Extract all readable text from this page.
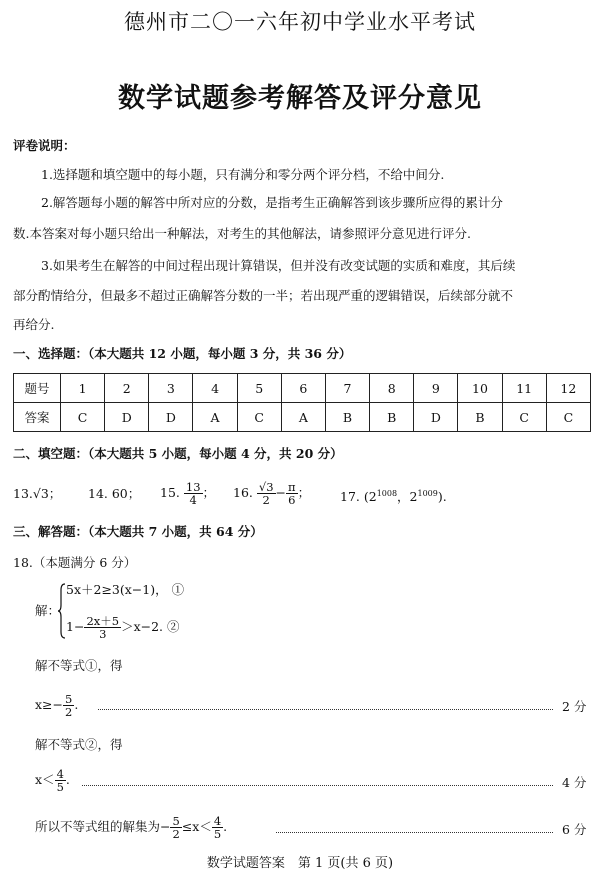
德州市二〇一六年初中学业水平考试
数学试题参考解答及评分意见
评卷说明：
1.选择题和填空题中的每小题，只有满分和零分两个评分档，不给中间分.
2.解答题每小题的解答中所对应的分数，是指考生正确解答到该步骤所应得的累计分
数.本答案对每小题只给出一种解法，对考生的其他解法，请参照评分意见进行评分.
3.如果考生在解答的中间过程出现计算错误，但并没有改变试题的实质和难度，其后续
部分酌情给分，但最多不超过正确解答分数的一半；若出现严重的逻辑错误，后续部分就不
再给分.
一、选择题：（本大题共 12 小题，每小题 3 分，共 36 分）
题号	1	2	3	4	5	6	7	8	9	10	11	12
答案	C	D	D	A	C	A	B	B	D	B	C	C
二、填空题：（本大题共 5 小题，每小题 4 分，共 20 分）
13.√3； 14. 60； 15. $\frac{13}{4}$ ； 16. $\frac{√3}{2} - \frac{\pi}{6}$ ； 17. ($2^{1008}$，$2^{1009}$).
三、解答题：（本大题共 7 小题，共 64 分）
18.（本题满分 6 分）
解：
5x＋2≥3(x−1)， ①
$1- \frac{2x+5}{3} >x-2$. ②
解不等式①，得
$x\ge- \frac{5}{2}$ .	2 分
解不等式②，得
$x< \frac{4}{5}$ .	4 分
所以不等式组的解集为− $\frac{5}{2} \le x< \frac{4}{5}$ .	6 分
数学试题答案　第 1 页(共 6 页)
